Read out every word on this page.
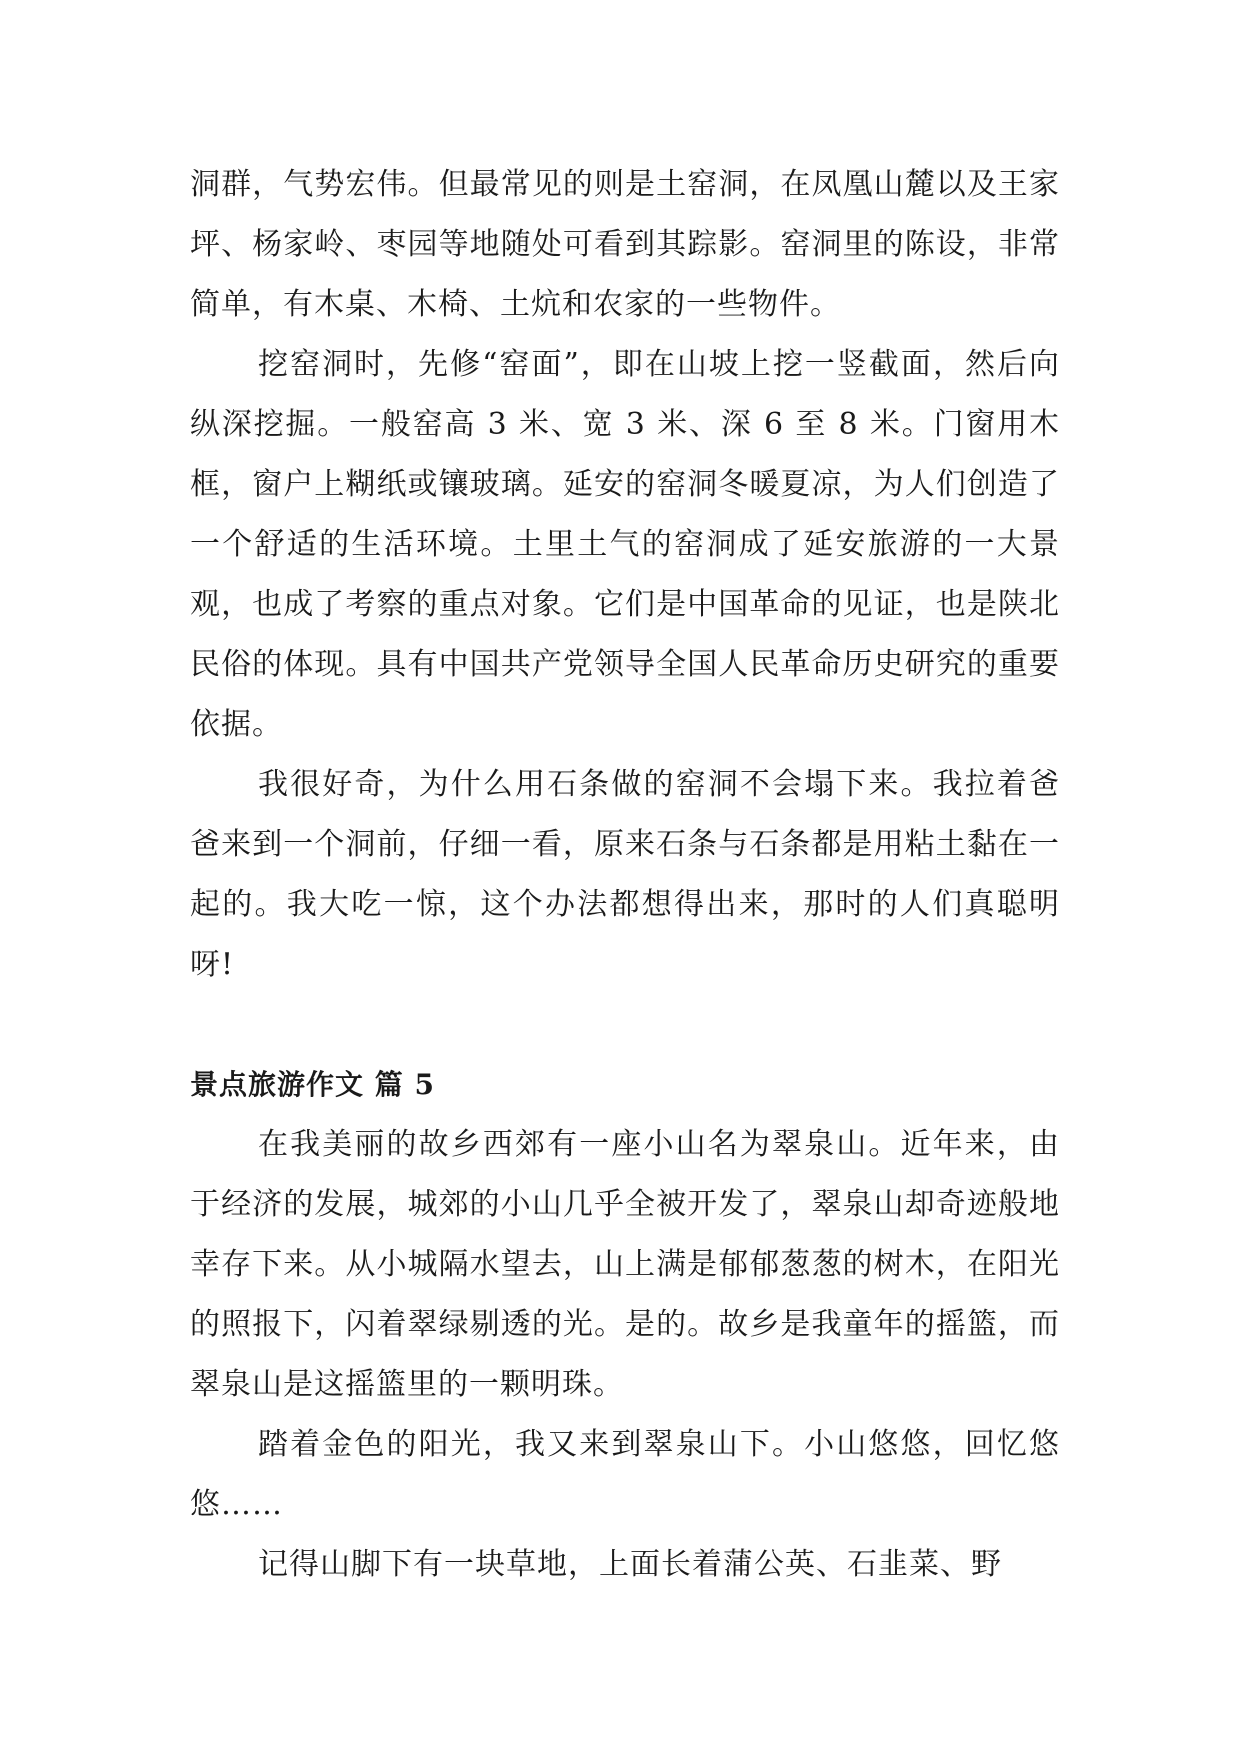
洞群，气势宏伟。但最常见的则是土窑洞，在凤凰山麓以及王家坪、杨家岭、枣园等地随处可看到其踪影。窑洞里的陈设，非常简单，有木桌、木椅、土炕和农家的一些物件。

挖窑洞时，先修“窑面”，即在山坡上挖一竖截面，然后向纵深挖掘。一般窑高 3 米、宽 3 米、深 6 至 8 米。门窗用木框，窗户上糊纸或镶玻璃。延安的窑洞冬暖夏凉，为人们创造了一个舒适的生活环境。土里土气的窑洞成了延安旅游的一大景观，也成了考察的重点对象。它们是中国革命的见证，也是陕北民俗的体现。具有中国共产党领导全国人民革命历史研究的重要依据。

我很好奇，为什么用石条做的窑洞不会塌下来。我拉着爸爸来到一个洞前，仔细一看，原来石条与石条都是用粘土黏在一起的。我大吃一惊，这个办法都想得出来，那时的人们真聪明呀!

景点旅游作文 篇 5

在我美丽的故乡西郊有一座小山名为翠泉山。近年来，由于经济的发展，城郊的小山几乎全被开发了，翠泉山却奇迹般地幸存下来。从小城隔水望去，山上满是郁郁葱葱的树木，在阳光的照报下，闪着翠绿剔透的光。是的。故乡是我童年的摇篮，而翠泉山是这摇篮里的一颗明珠。

踏着金色的阳光，我又来到翠泉山下。小山悠悠，回忆悠悠……

记得山脚下有一块草地，上面长着蒲公英、石韭菜、野
